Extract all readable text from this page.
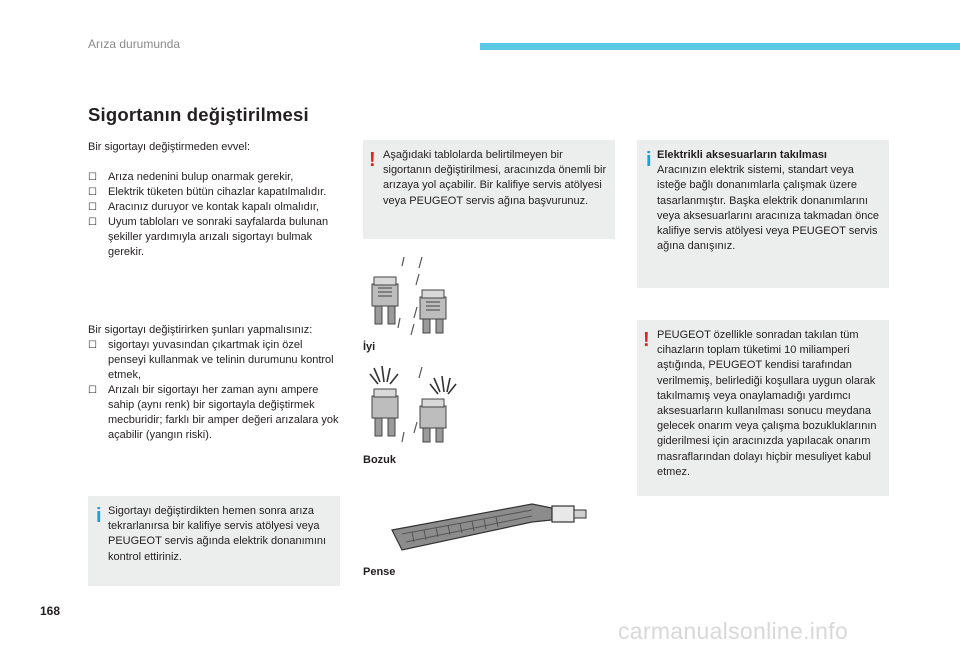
Arıza durumunda
Sigortanın değiştirilmesi
Bir sigortayı değiştirmeden evvel:
☐ Arıza nedenini bulup onarmak gerekir,
☐ Elektrik tüketen bütün cihazlar kapatılmalıdır.
☐ Aracınız duruyor ve kontak kapalı olmalıdır,
☐ Uyum tabloları ve sonraki sayfalarda bulunan şekiller yardımıyla arızalı sigortayı bulmak gerekir.
Bir sigortayı değiştirirken şunları yapmalısınız:
☐ sigortayı yuvasından çıkartmak için özel penseyi kullanmak ve telinin durumunu kontrol etmek,
☐ Arızalı bir sigortayı her zaman aynı ampere sahip (aynı renk) bir sigortayla değiştirmek mecburidir; farklı bir amper değeri arızalara yok açabilir (yangın riski).
i Sigortayı değiştirdikten hemen sonra arıza tekrarlanırsa bir kalifiye servis atölyesi veya PEUGEOT servis ağında elektrik donanımını kontrol ettiriniz.
! Aşağıdaki tablolarda belirtilmeyen bir sigortanın değiştirilmesi, aracınızda önemli bir arızaya yol açabilir. Bir kalifiye servis atölyesi veya PEUGEOT servis ağına başvurunuz.
İyi
Bozuk
Pense
i Elektrikli aksesuarların takılması
Aracınızın elektrik sistemi, standart veya isteğe bağlı donanımlarla çalışmak üzere tasarlanmıştır. Başka elektrik donanımlarını veya aksesuarlarını aracınıza takmadan önce kalifiye servis atölyesi veya PEUGEOT servis ağına danışınız.
! PEUGEOT özellikle sonradan takılan tüm cihazların toplam tüketimi 10 miliamperi aştığında, PEUGEOT kendisi tarafından verilmemiş, belirlediği koşullara uygun olarak takılmamış veya onaylamadığı yardımcı aksesuarların kullanılması sonucu meydana gelecek onarım veya çalışma bozukluklarının giderilmesi için aracınızda yapılacak onarım masraflarından dolayı hiçbir mesuliyet kabul etmez.
168
carmanualsonline.info
